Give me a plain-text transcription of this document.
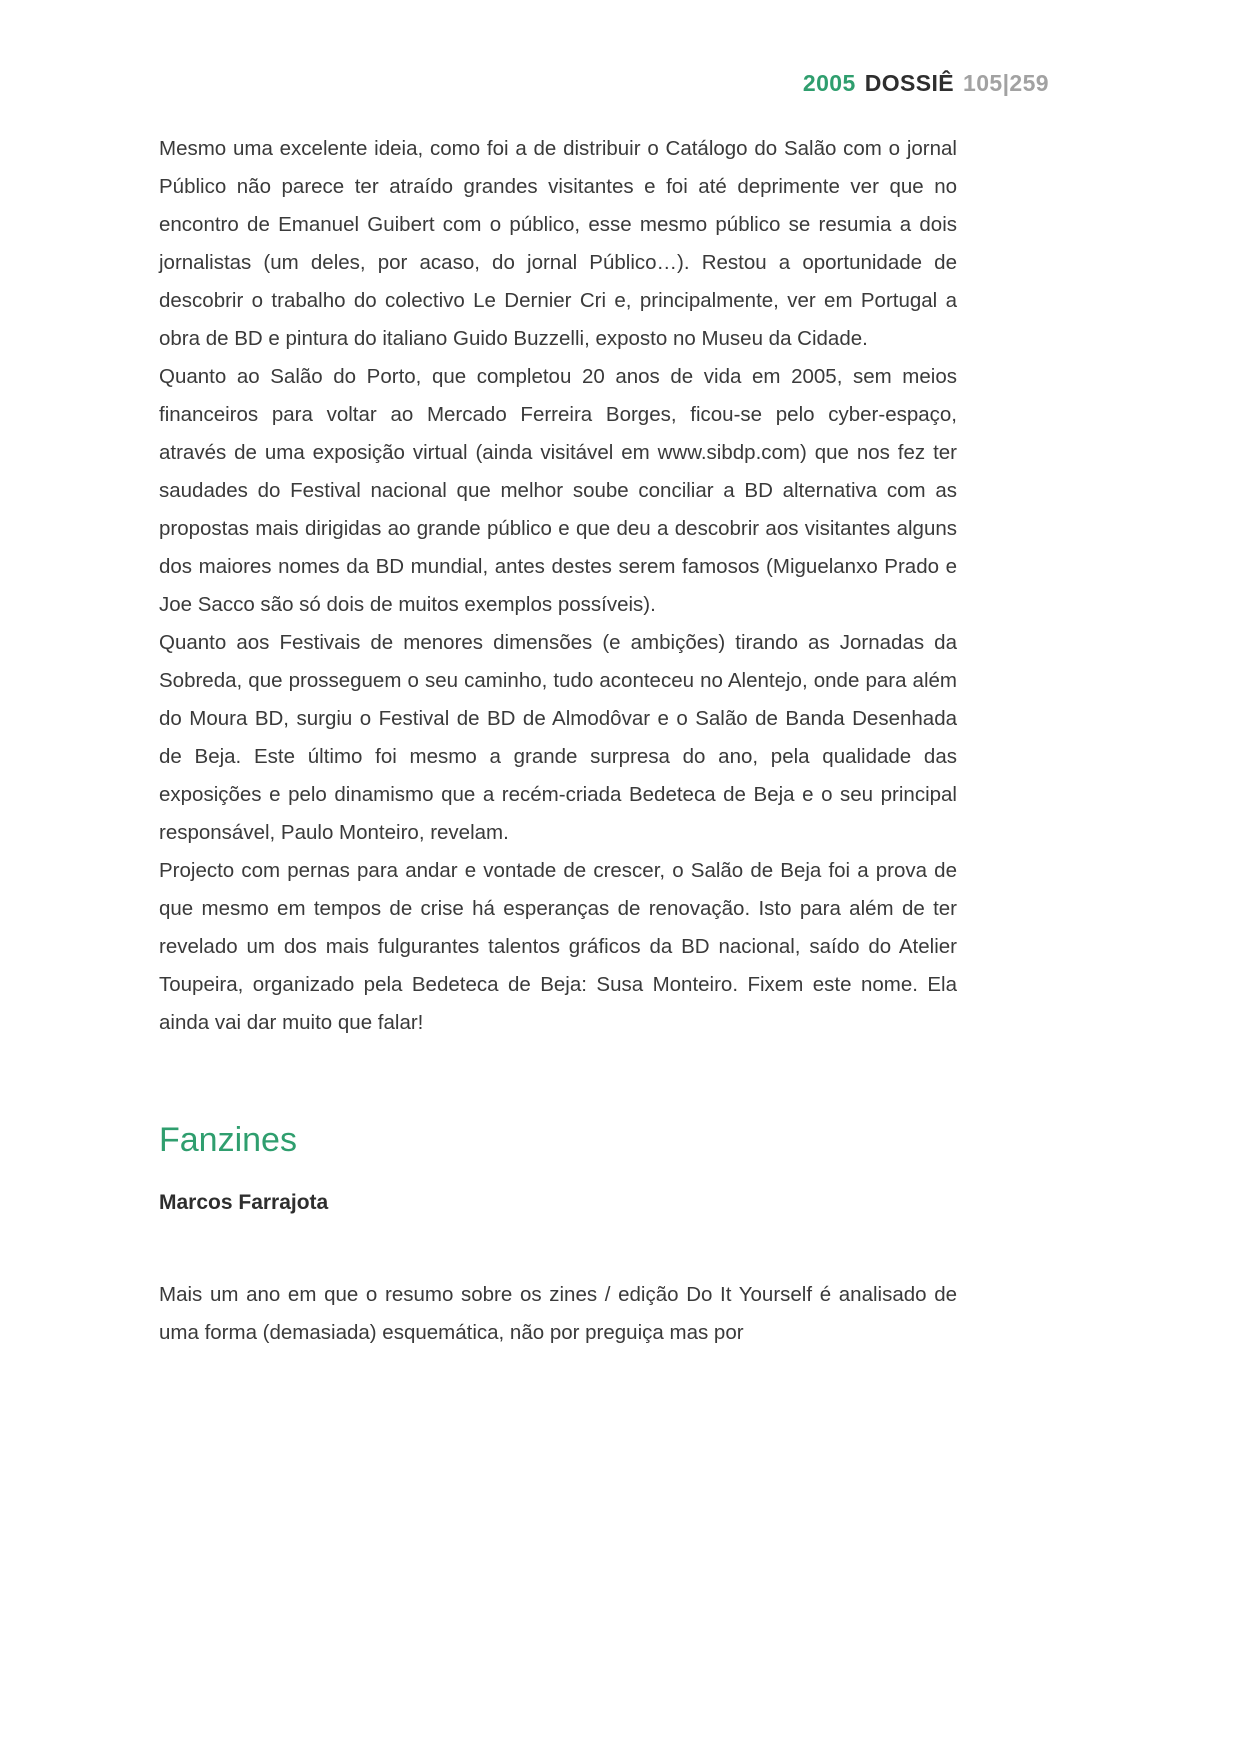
2005 DOSSIÊ 105|259

Mesmo uma excelente ideia, como foi a de distribuir o Catálogo do Salão com o jornal Público não parece ter atraído grandes visitantes e foi até deprimente ver que no encontro de Emanuel Guibert com o público, esse mesmo público se resumia a dois jornalistas (um deles, por acaso, do jornal Público…). Restou a oportunidade de descobrir o trabalho do colectivo Le Dernier Cri e, principalmente, ver em Portugal a obra de BD e pintura do italiano Guido Buzzelli, exposto no Museu da Cidade.

Quanto ao Salão do Porto, que completou 20 anos de vida em 2005, sem meios financeiros para voltar ao Mercado Ferreira Borges, ficou-se pelo cyber-espaço, através de uma exposição virtual (ainda visitável em www.sibdp.com) que nos fez ter saudades do Festival nacional que melhor soube conciliar a BD alternativa com as propostas mais dirigidas ao grande público e que deu a descobrir aos visitantes alguns dos maiores nomes da BD mundial, antes destes serem famosos (Miguelanxo Prado e Joe Sacco são só dois de muitos exemplos possíveis).

Quanto aos Festivais de menores dimensões (e ambições) tirando as Jornadas da Sobreda, que prosseguem o seu caminho, tudo aconteceu no Alentejo, onde para além do Moura BD, surgiu o Festival de BD de Almodôvar e o Salão de Banda Desenhada de Beja. Este último foi mesmo a grande surpresa do ano, pela qualidade das exposições e pelo dinamismo que a recém-criada Bedeteca de Beja e o seu principal responsável, Paulo Monteiro, revelam.

Projecto com pernas para andar e vontade de crescer, o Salão de Beja foi a prova de que mesmo em tempos de crise há esperanças de renovação. Isto para além de ter revelado um dos mais fulgurantes talentos gráficos da BD nacional, saído do Atelier Toupeira, organizado pela Bedeteca de Beja: Susa Monteiro. Fixem este nome. Ela ainda vai dar muito que falar!

Fanzines

Marcos Farrajota

Mais um ano em que o resumo sobre os zines / edição Do It Yourself é analisado de uma forma (demasiada) esquemática, não por preguiça mas por
